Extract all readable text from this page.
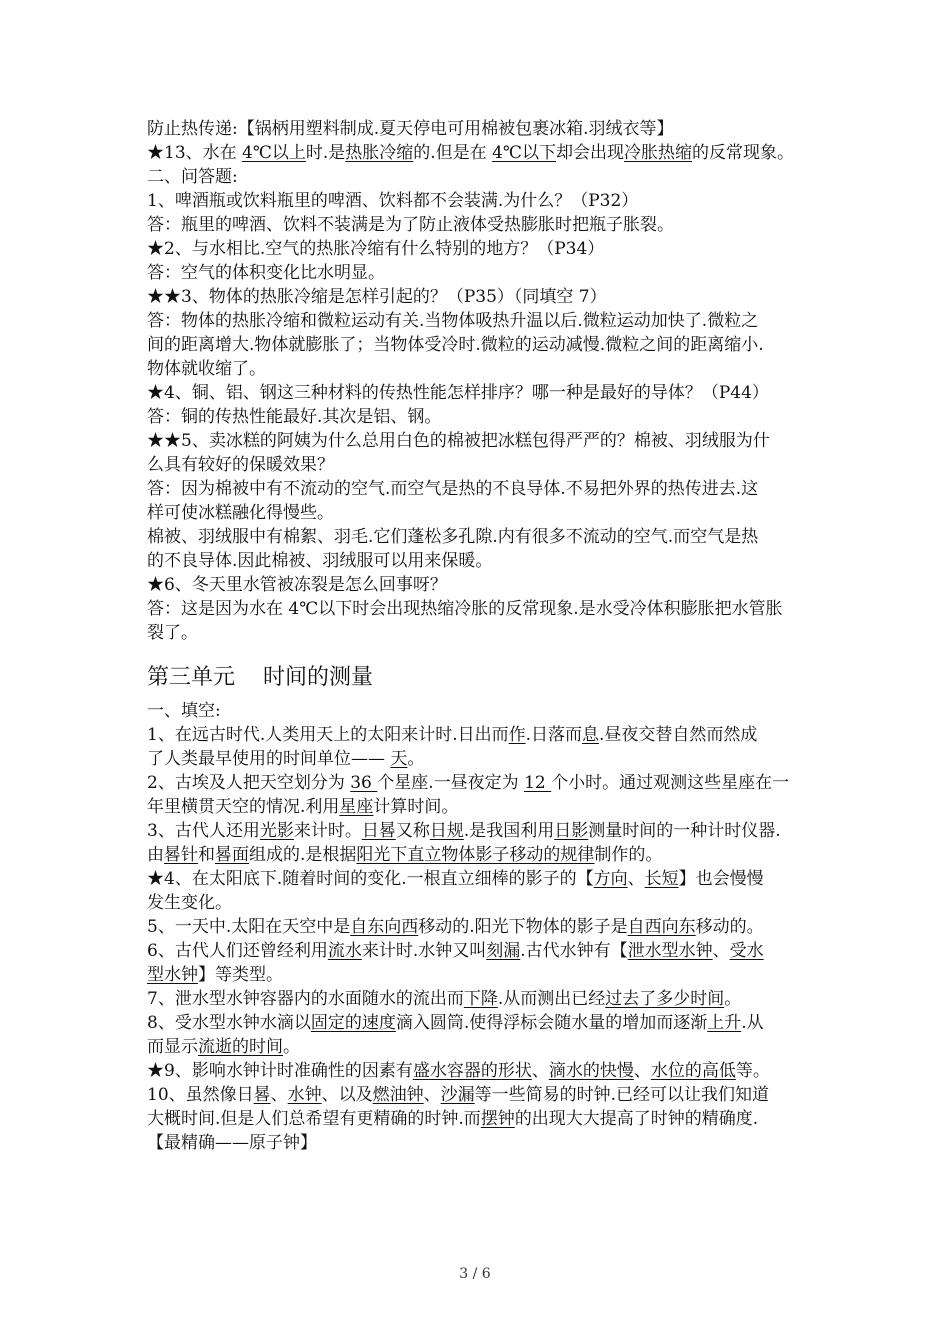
防止热传递:【锅柄用塑料制成.夏天停电可用棉被包裹冰箱.羽绒衣等】
★13、水在 4℃以上时.是热胀冷缩的.但是在 4℃以下却会出现冷胀热缩的反常现象。
二、问答题:
1、啤酒瓶或饮料瓶里的啤酒、饮料都不会装满.为什么？（P32）
答：瓶里的啤酒、饮料不装满是为了防止液体受热膨胀时把瓶子胀裂。
★2、与水相比.空气的热胀冷缩有什么特别的地方？（P34）
答：空气的体积变化比水明显。
★★3、物体的热胀冷缩是怎样引起的？（P35）（同填空 7）
答：物体的热胀冷缩和微粒运动有关.当物体吸热升温以后.微粒运动加快了.微粒之
间的距离增大.物体就膨胀了；当物体受冷时.微粒的运动减慢.微粒之间的距离缩小.
物体就收缩了。
★4、铜、铝、钢这三种材料的传热性能怎样排序？哪一种是最好的导体？（P44）
答：铜的传热性能最好.其次是铝、钢。
★★5、卖冰糕的阿姨为什么总用白色的棉被把冰糕包得严严的？棉被、羽绒服为什
么具有较好的保暖效果？
答：因为棉被中有不流动的空气.而空气是热的不良导体.不易把外界的热传进去.这
样可使冰糕融化得慢些。
棉被、羽绒服中有棉絮、羽毛.它们蓬松多孔隙.内有很多不流动的空气.而空气是热
的不良导体.因此棉被、羽绒服可以用来保暖。
★6、冬天里水管被冻裂是怎么回事呀？
答：这是因为水在 4℃以下时会出现热缩冷胀的反常现象.是水受冷体积膨胀把水管胀
裂了。
第三单元    时间的测量
一、填空:
1、在远古时代.人类用天上的太阳来计时.日出而作.日落而息.昼夜交替自然而然成
了人类最早使用的时间单位—— 天。
2、古埃及人把天空划分为 36 个星座.一昼夜定为 12 个小时。通过观测这些星座在一
年里横贯天空的情况.利用星座计算时间。
3、古代人还用光影来计时。日晷又称日规.是我国利用日影测量时间的一种计时仪器.
由晷针和晷面组成的.是根据阳光下直立物体影子移动的规律制作的。
★4、在太阳底下.随着时间的变化.一根直立细棒的影子的【方向、长短】也会慢慢
发生变化。
5、一天中.太阳在天空中是自东向西移动的.阳光下物体的影子是自西向东移动的。
6、古代人们还曾经利用流水来计时.水钟又叫刻漏.古代水钟有【泄水型水钟、受水
型水钟】等类型。
7、泄水型水钟容器内的水面随水的流出而下降.从而测出已经过去了多少时间。
8、受水型水钟水滴以固定的速度滴入圆筒.使得浮标会随水量的增加而逐渐上升.从
而显示流逝的时间。
★9、影响水钟计时准确性的因素有盛水容器的形状、滴水的快慢、水位的高低等。
10、虽然像日晷、水钟、以及燃油钟、沙漏等一些简易的时钟.已经可以让我们知道
大概时间.但是人们总希望有更精确的时钟.而摆钟的出现大大提高了时钟的精确度.
【最精确——原子钟】
3 / 6
